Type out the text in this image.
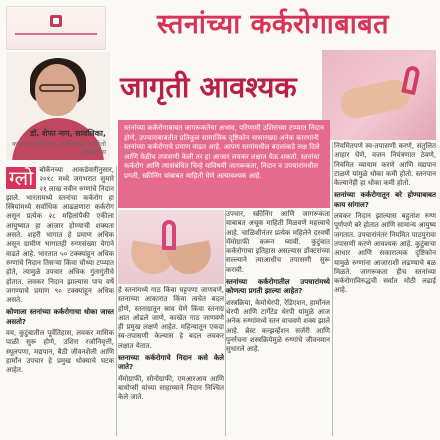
स्तनांच्या कर्करोगाबाबत
डॉ. शेफा नाग, सावलिका,
कन्सल्टंट सर्जिकल, ऑकालॉजी, अपोलो हॉस्पिटल्स
जागृती आवश्यक

स्तनांच्या कर्करोगाबाबत जागरूकतेचा अभाव, परिणामी उशिराच्या टप्प्यात निदान होणे, उपचाराबाबतीत प्रतिकूल सामाजिक दृष्टिकोन यासारख्या अनेक कारणांनी स्तनांच्या कर्करोगाचे प्रमाण वाढत आहे. आपण स्तनांमधील बदलांकडे लक्ष दिले आणि वेळीच तपासणी केली तर हा आजार लवकर लक्षात येऊ शकतो. स्तनांचा कर्करोग आणि त्यासंबंधित चिन्हे यांविषयी जागरूकता, निदान व उपचारांमधील प्रगती, स्क्रीनिंग यांबाबत माहिती घेणे अत्यावश्यक आहे.

ग्लो बोकॅनच्या आकडेवारीनुसार, २०१८ मध्ये जगभरात सुमारे २१ लाख नवीन रुग्णांचे निदान झाले. भारतामध्ये स्तनांचा कर्करोग हा स्त्रियांमध्ये सर्वाधिक आढळणारा कर्करोग असून प्रत्येक २८ महिलांपैकी एकीला आयुष्यात हा आजार होण्याची शक्यता असते. शहरी भागात हे प्रमाण अधिक असून ग्रामीण भागातही रुग्णसंख्या वेगाने वाढते आहे. भारतात ५० टक्क्यांहून अधिक रुग्णांचे निदान तिसऱ्या किंवा चौथ्या टप्प्यात होते, त्यामुळे उपचार अधिक गुंतागुंतीचे होतात. लवकर निदान झाल्यास पाच वर्षे जगण्याचे प्रमाण ९० टक्क्यांहून अधिक असते.
कोणाला स्तनांच्या कर्करोगाचा धोका जास्त असतो?
वय, कुटुंबातील पूर्वेतिहास, लवकर मासिक पाळी सुरू होणे, उशिरा रजोनिवृत्ती, स्थूलपणा, मद्यपान, बैठी जीवनशैली आणि हार्मोन उपचार हे प्रमुख धोक्याचे घटक आहेत.
हे स्तनांमध्ये गाठ किंवा घट्टपणा जाणवणे, स्तनाच्या आकारात किंवा त्वचेत बदल होणे, स्तनाग्रातून स्राव येणे किंवा स्तनाग्र आत ओढले जाणे, काखेत गाठ जाणवणे ही प्रमुख लक्षणे आहेत. महिन्यातून एकदा स्व-तपासणी केल्यास हे बदल लवकर लक्षात येतात.
स्तनाच्या कर्करोगाचे निदान कसे केले जाते?
मॅमोग्राफी, सोनोग्राफी, एमआरआय आणि बायोप्सी यांच्या साहाय्याने निदान निश्चित केले जाते.
उपचार, स्क्रीनिंग आणि जागरूकता याबाबत अचूक माहिती मिळवणे महत्त्वाचे आहे. चाळिशीनंतर प्रत्येक महिलेने दरवर्षी मॅमोग्राफी करून घ्यावी. कुटुंबात कर्करोगाचा इतिहास असल्यास डॉक्टरांच्या सल्ल्याने त्याआधीच तपासणी सुरू करावी.
स्तनांच्या कर्करोगातील उपचारांमध्ये कोणत्या प्रगती झाल्या आहेत?
शस्त्रक्रिया, केमोथेरपी, रेडिएशन, हार्मोनल थेरपी आणि टार्गेटेड थेरपी यांमुळे आज अनेक रुग्णांमध्ये स्तन वाचवणे शक्य झाले आहे. ब्रेस्ट कन्झर्व्हेशन सर्जरी आणि पुनर्रचना शस्त्रक्रियेमुळे रुग्णांचे जीवनमान सुधारले आहे.
नियमितपणे स्व-तपासणी करणे, संतुलित आहार घेणे, वजन नियंत्रणात ठेवणे, नियमित व्यायाम करणे आणि मद्यपान टाळणे यांमुळे धोका कमी होतो. स्तनपान केल्यानेही हा धोका कमी होतो.
स्तनांच्या कर्करोगातून बरे होण्याबाबत काय सांगाल?
लवकर निदान झाल्यास बहुतांश रुग्ण पूर्णपणे बरे होतात आणि सामान्य आयुष्य जगतात. उपचारांनंतर नियमित पाठपुरावा तपासणी करणे आवश्यक आहे. कुटुंबाचा आधार आणि सकारात्मक दृष्टिकोन यामुळे रुग्णांना आजाराशी लढण्याचे बळ मिळते. जागरूकता हीच स्तनांच्या कर्करोगाविरुद्धची सर्वात मोठी लढाई आहे.
